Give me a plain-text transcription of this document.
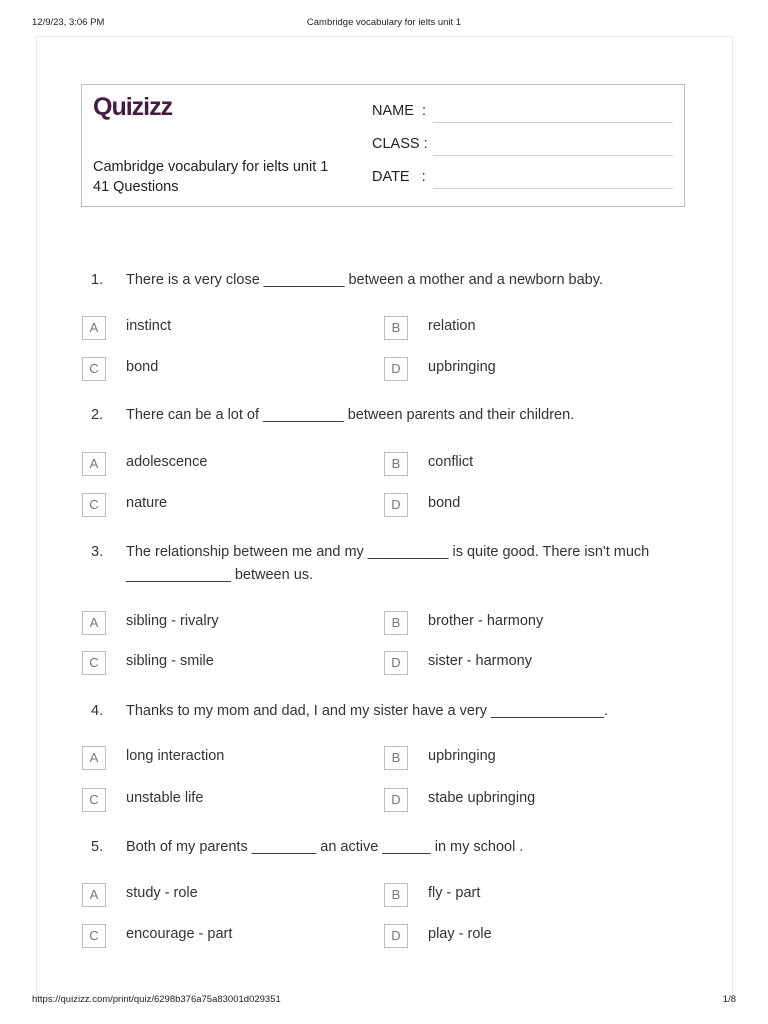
12/9/23, 3:06 PM	Cambridge vocabulary for ielts unit 1
Quizizz
Cambridge vocabulary for ielts unit 1
41 Questions
NAME  :
CLASS :
DATE   :
1. There is a very close __________ between a mother and a newborn baby.
A	instinct	B	relation
C	bond	D	upbringing
2. There can be a lot of __________ between parents and their children.
A	adolescence	B	conflict
C	nature	D	bond
3. The relationship between me and my __________ is quite good. There isn't much _____________ between us.
A	sibling - rivalry	B	brother - harmony
C	sibling - smile	D	sister - harmony
4. Thanks to my mom and dad, I and my sister have a very ______________.
A	long interaction	B	upbringing
C	unstable life	D	stabe upbringing
5. Both of my parents ________ an active ______ in my school .
A	study - role	B	fly - part
C	encourage - part	D	play - role
https://quizizz.com/print/quiz/6298b376a75a83001d029351	1/8
